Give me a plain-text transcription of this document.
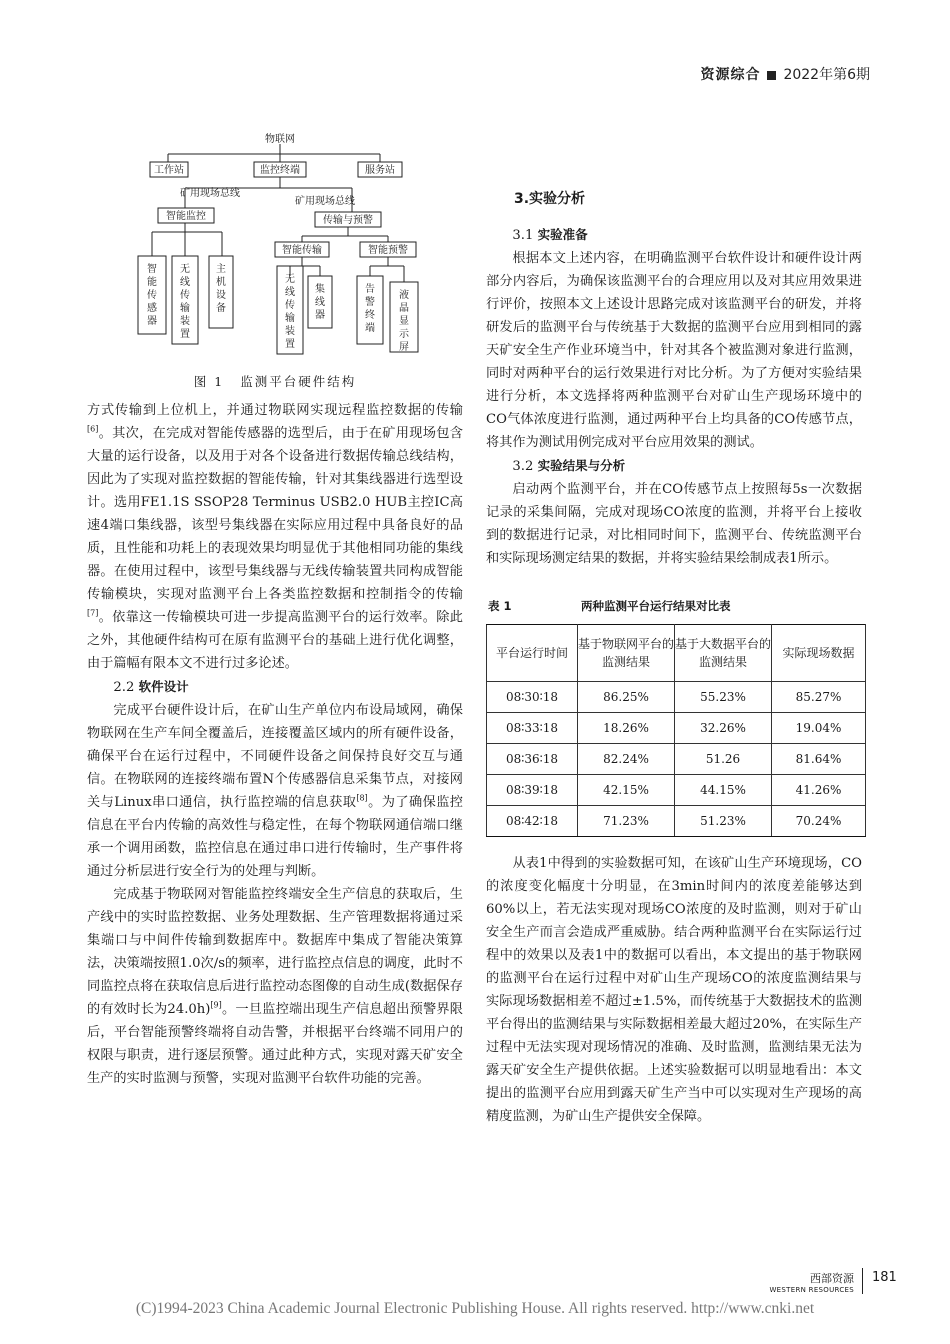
资源综合 2022年第6期
物联网
工作站	监控终端	服务站
矿用现场总线
矿用现场总线
智能监控	传输与预警
智能传输	智能预警
智能传感器
无线传输装置
主机设备
无线传输装置
集线器
告警终端
液晶显示屏
图 1 监测平台硬件结构

方式传输到上位机上，并通过物联网实现远程监控数据的传输[6]。其次，在完成对智能传感器的选型后，由于在矿用现场包含大量的运行设备，以及用于对各个设备进行数据传输总线结构，因此为了实现对监控数据的智能传输，针对其集线器进行选型设计。选用FE1.1S SSOP28 Terminus USB2.0 HUB主控IC高速4端口集线器，该型号集线器在实际应用过程中具备良好的品质，且性能和功耗上的表现效果均明显优于其他相同功能的集线器。在使用过程中，该型号集线器与无线传输装置共同构成智能传输模块，实现对监测平台上各类监控数据和控制指令的传输[7]。依靠这一传输模块可进一步提高监测平台的运行效率。除此之外，其他硬件结构可在原有监测平台的基础上进行优化调整，由于篇幅有限本文不进行过多论述。

2.2 软件设计

完成平台硬件设计后，在矿山生产单位内布设局域网，确保物联网在生产车间全覆盖后，连接覆盖区域内的所有硬件设备，确保平台在运行过程中，不同硬件设备之间保持良好交互与通信。在物联网的连接终端布置N个传感器信息采集节点，对接网关与Linux串口通信，执行监控端的信息获取[8]。为了确保监控信息在平台内传输的高效性与稳定性，在每个物联网通信端口继承一个调用函数，监控信息在通过串口进行传输时，生产事件将通过分析层进行安全行为的处理与判断。

完成基于物联网对智能监控终端安全生产信息的获取后，生产线中的实时监控数据、业务处理数据、生产管理数据将通过采集端口与中间件传输到数据库中。数据库中集成了智能决策算法，决策端按照1.0次/s的频率，进行监控点信息的调度，此时不同监控点将在获取信息后进行监控动态图像的自动生成(数据保存的有效时长为24.0h)[9]。一旦监控端出现生产信息超出预警界限后，平台智能预警终端将自动告警，并根据平台终端不同用户的权限与职责，进行逐层预警。通过此种方式，实现对露天矿安全生产的实时监测与预警，实现对监测平台软件功能的完善。

3.实验分析

3.1 实验准备

根据本文上述内容，在明确监测平台软件设计和硬件设计两部分内容后，为确保该监测平台的合理应用以及对其应用效果进行评价，按照本文上述设计思路完成对该监测平台的研发，并将研发后的监测平台与传统基于大数据的监测平台应用到相同的露天矿安全生产作业环境当中，针对其各个被监测对象进行监测，同时对两种平台的运行效果进行对比分析。为了方便对实验结果进行分析，本文选择将两种监测平台对矿山生产现场环境中的CO气体浓度进行监测，通过两种平台上均具备的CO传感节点，将其作为测试用例完成对平台应用效果的测试。

3.2 实验结果与分析

启动两个监测平台，并在CO传感节点上按照每5s一次数据记录的采集间隔，完成对现场CO浓度的监测，并将平台上接收到的数据进行记录，对比相同时间下，监测平台、传统监测平台和实际现场测定结果的数据，并将实验结果绘制成表1所示。

表 1	两种监测平台运行结果对比表
平台运行时间	基于物联网平台的监测结果	基于大数据平台的监测结果	实际现场数据
08∶30∶18	86.25%	55.23%	85.27%
08∶33∶18	18.26%	32.26%	19.04%
08∶36∶18	82.24%	51.26	81.64%
08∶39∶18	42.15%	44.15%	41.26%
08∶42∶18	71.23%	51.23%	70.24%

从表1中得到的实验数据可知，在该矿山生产环境现场，CO的浓度变化幅度十分明显，在3min时间内的浓度差能够达到60%以上，若无法实现对现场CO浓度的及时监测，则对于矿山安全生产而言会造成严重威胁。结合两种监测平台在实际运行过程中的效果以及表1中的数据可以看出，本文提出的基于物联网的监测平台在运行过程中对矿山生产现场CO的浓度监测结果与实际现场数据相差不超过±1.5%，而传统基于大数据技术的监测平台得出的监测结果与实际数据相差最大超过20%，在实际生产过程中无法实现对现场情况的准确、及时监测，监测结果无法为露天矿安全生产提供依据。上述实验数据可以明显地看出：本文提出的监测平台应用到露天矿生产当中可以实现对生产现场的高精度监测，为矿山生产提供安全保障。

西部资源
WESTERN RESOURCES
181
(C)1994-2023 China Academic Journal Electronic Publishing House. All rights reserved. http://www.cnki.net
